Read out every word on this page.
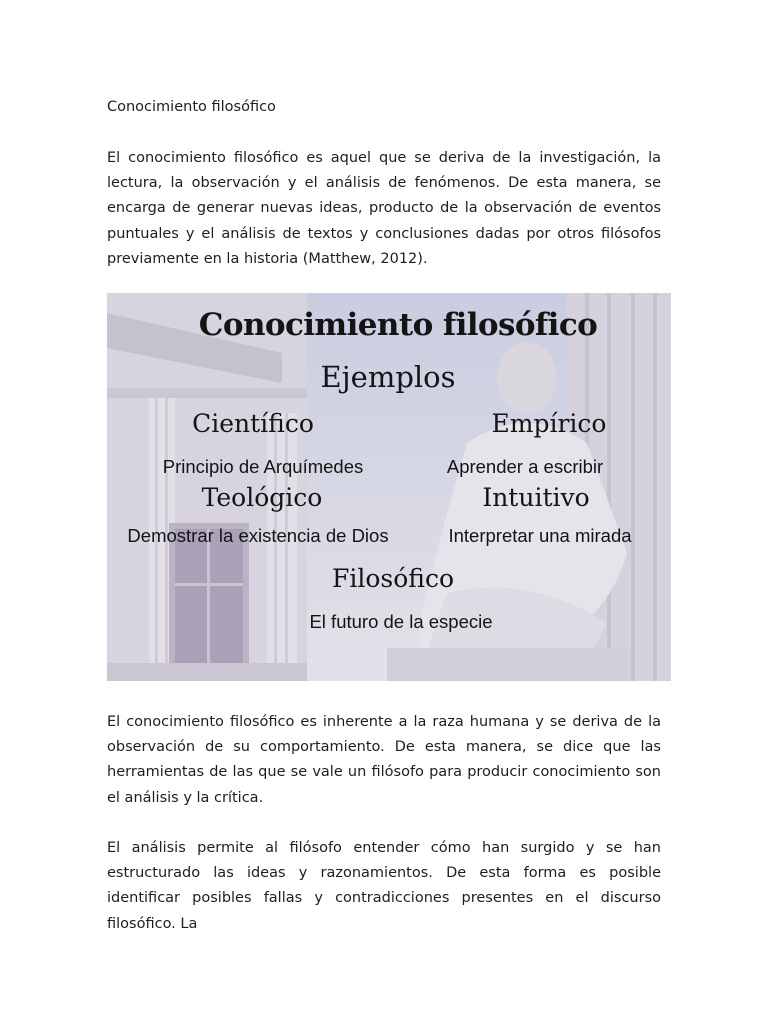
Conocimiento filosófico

El conocimiento filosófico es aquel que se deriva de la investigación, la lectura, la observación y el análisis de fenómenos. De esta manera, se encarga de generar nuevas ideas, producto de la observación de eventos puntuales y el análisis de textos y conclusiones dadas por otros filósofos previamente en la historia (Matthew, 2012).

Conocimiento filosófico
Ejemplos
Científico
Principio de Arquímedes
Empírico
Aprender a escribir
Teológico
Demostrar la existencia de Dios
Intuitivo
Interpretar una mirada
Filosófico
El futuro de la especie

El conocimiento filosófico es inherente a la raza humana y se deriva de la observación de su comportamiento. De esta manera, se dice que las herramientas de las que se vale un filósofo para producir conocimiento son el análisis y la crítica.

El análisis permite al filósofo entender cómo han surgido y se han estructurado las ideas y razonamientos. De esta forma es posible identificar posibles fallas y contradicciones presentes en el discurso filosófico. La
